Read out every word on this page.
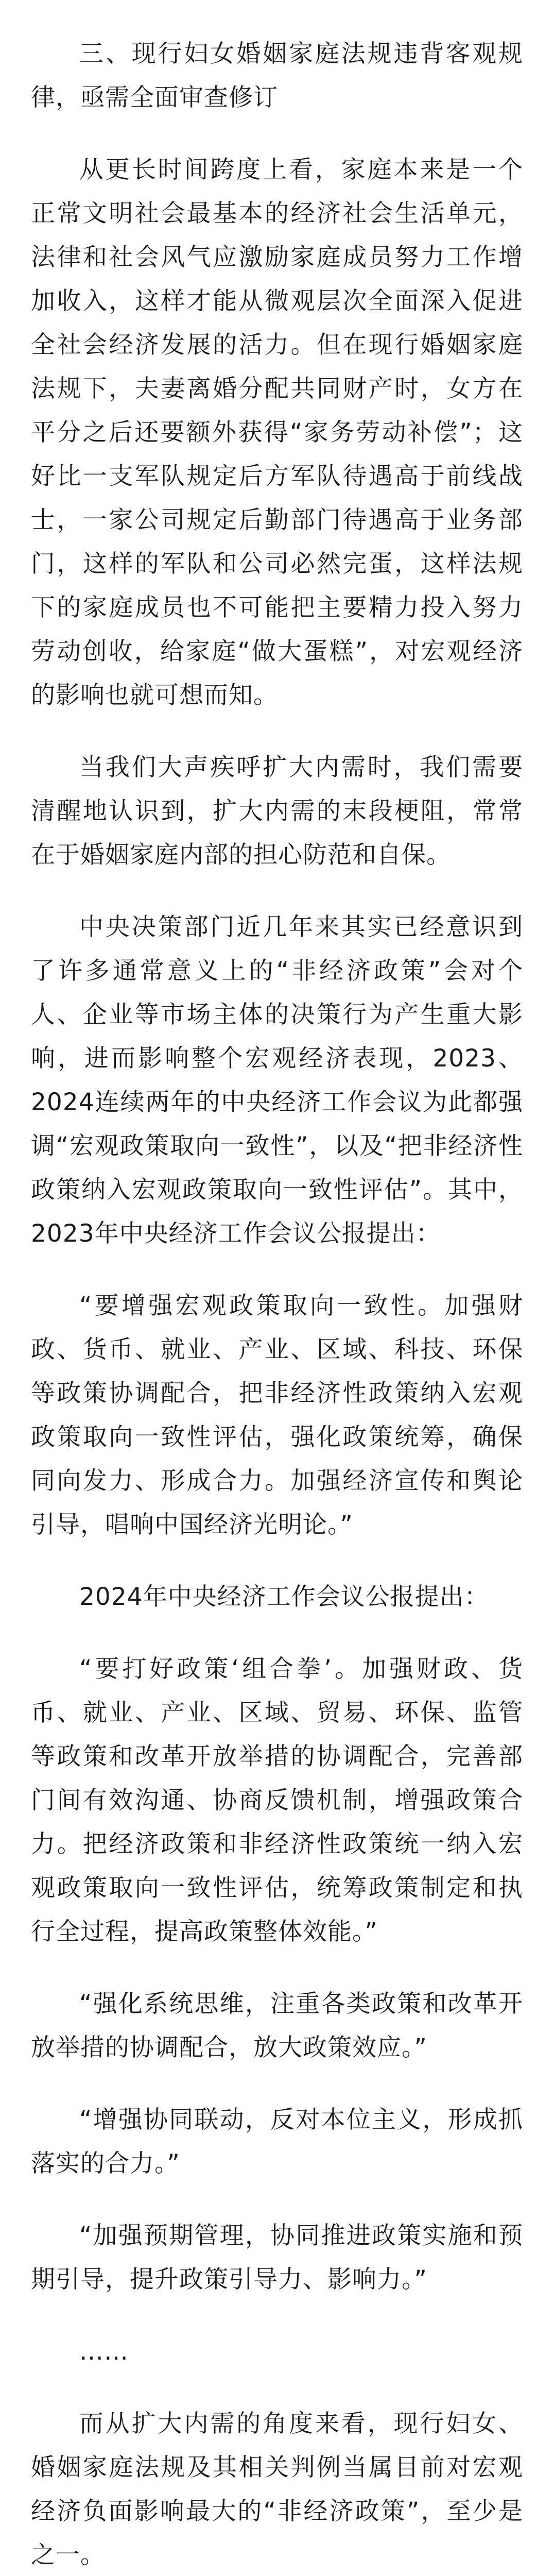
三、现行妇女婚姻家庭法规违背客观规律，亟需全面审查修订

从更长时间跨度上看，家庭本来是一个正常文明社会最基本的经济社会生活单元，法律和社会风气应激励家庭成员努力工作增加收入，这样才能从微观层次全面深入促进全社会经济发展的活力。但在现行婚姻家庭法规下，夫妻离婚分配共同财产时，女方在平分之后还要额外获得“家务劳动补偿”；这好比一支军队规定后方军队待遇高于前线战士，一家公司规定后勤部门待遇高于业务部门，这样的军队和公司必然完蛋，这样法规下的家庭成员也不可能把主要精力投入努力劳动创收，给家庭“做大蛋糕”，对宏观经济的影响也就可想而知。

当我们大声疾呼扩大内需时，我们需要清醒地认识到，扩大内需的末段梗阻，常常在于婚姻家庭内部的担心防范和自保。

中央决策部门近几年来其实已经意识到了许多通常意义上的“非经济政策”会对个人、企业等市场主体的决策行为产生重大影响，进而影响整个宏观经济表现，2023、2024连续两年的中央经济工作会议为此都强调“宏观政策取向一致性”，以及“把非经济性政策纳入宏观政策取向一致性评估”。其中，2023年中央经济工作会议公报提出：

“要增强宏观政策取向一致性。加强财政、货币、就业、产业、区域、科技、环保等政策协调配合，把非经济性政策纳入宏观政策取向一致性评估，强化政策统筹，确保同向发力、形成合力。加强经济宣传和舆论引导，唱响中国经济光明论。”

2024年中央经济工作会议公报提出：

“要打好政策‘组合拳’。加强财政、货币、就业、产业、区域、贸易、环保、监管等政策和改革开放举措的协调配合，完善部门间有效沟通、协商反馈机制，增强政策合力。把经济政策和非经济性政策统一纳入宏观政策取向一致性评估，统筹政策制定和执行全过程，提高政策整体效能。”

“强化系统思维，注重各类政策和改革开放举措的协调配合，放大政策效应。”

“增强协同联动，反对本位主义，形成抓落实的合力。”

“加强预期管理，协同推进政策实施和预期引导，提升政策引导力、影响力。”

……

而从扩大内需的角度来看，现行妇女、婚姻家庭法规及其相关判例当属目前对宏观经济负面影响最大的“非经济政策”，至少是之一。
